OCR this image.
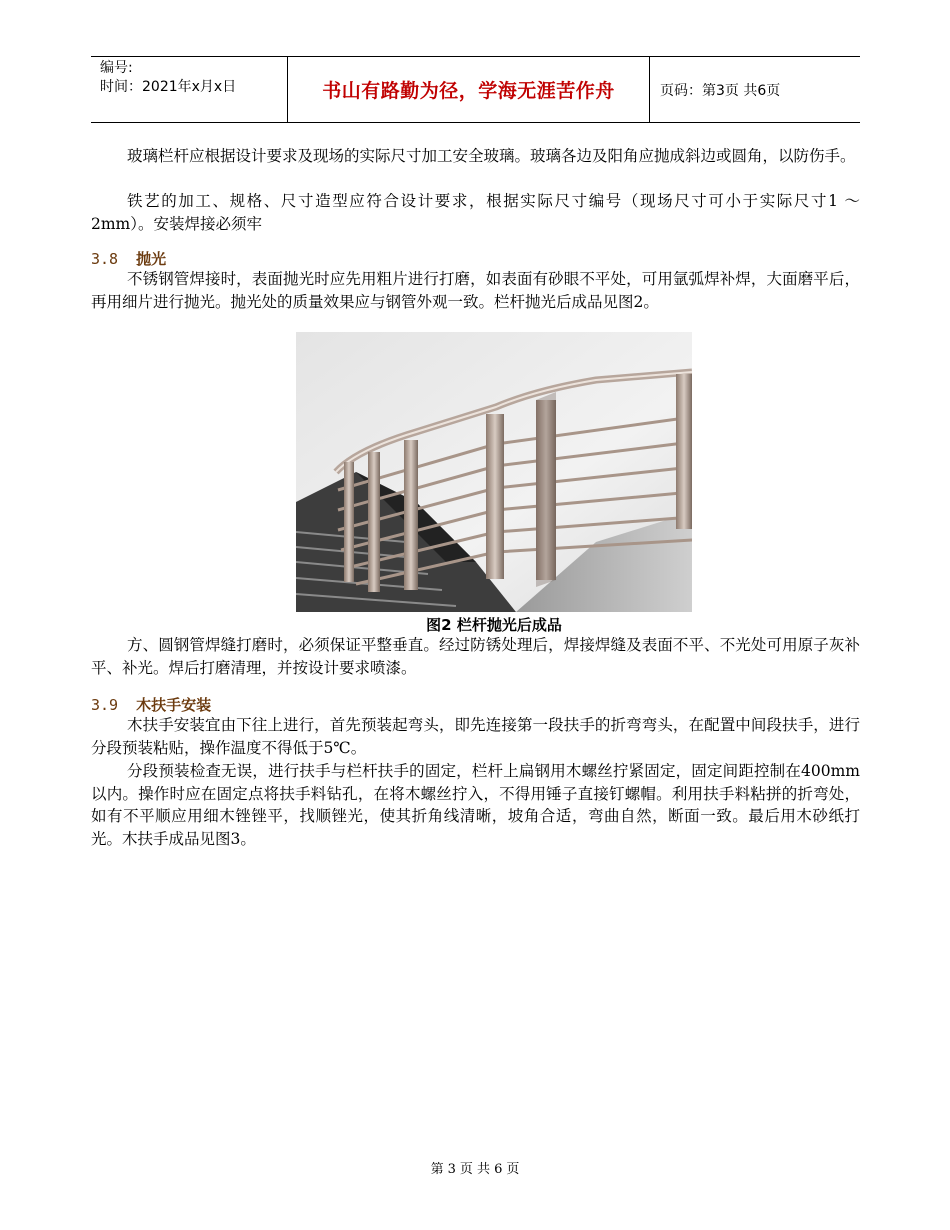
编号:
时间：2021年x月x日	书山有路勤为径，学海无涯苦作舟	页码：第3页 共6页
玻璃栏杆应根据设计要求及现场的实际尺寸加工安全玻璃。玻璃各边及阳角应抛成斜边或圆角，以防伤手。
铁艺的加工、规格、尺寸造型应符合设计要求，根据实际尺寸编号（现场尺寸可小于实际尺寸1 ～ 2mm）。安装焊接必须牢
3.8 抛光
不锈钢管焊接时，表面抛光时应先用粗片进行打磨，如表面有砂眼不平处，可用氩弧焊补焊，大面磨平后，再用细片进行抛光。抛光处的质量效果应与钢管外观一致。栏杆抛光后成品见图2。
图2 栏杆抛光后成品
方、圆钢管焊缝打磨时，必须保证平整垂直。经过防锈处理后，焊接焊缝及表面不平、不光处可用原子灰补平、补光。焊后打磨清理，并按设计要求喷漆。
3.9 木扶手安装
木扶手安装宜由下往上进行，首先预装起弯头，即先连接第一段扶手的折弯弯头，在配置中间段扶手，进行分段预装粘贴，操作温度不得低于5℃。
分段预装检查无误，进行扶手与栏杆扶手的固定，栏杆上扁钢用木螺丝拧紧固定，固定间距控制在400mm以内。操作时应在固定点将扶手料钻孔，在将木螺丝拧入，不得用锤子直接钉螺帽。利用扶手料粘拼的折弯处，如有不平顺应用细木锉锉平，找顺锉光，使其折角线清晰，坡角合适，弯曲自然，断面一致。最后用木砂纸打光。木扶手成品见图3。
第 3 页 共 6 页
